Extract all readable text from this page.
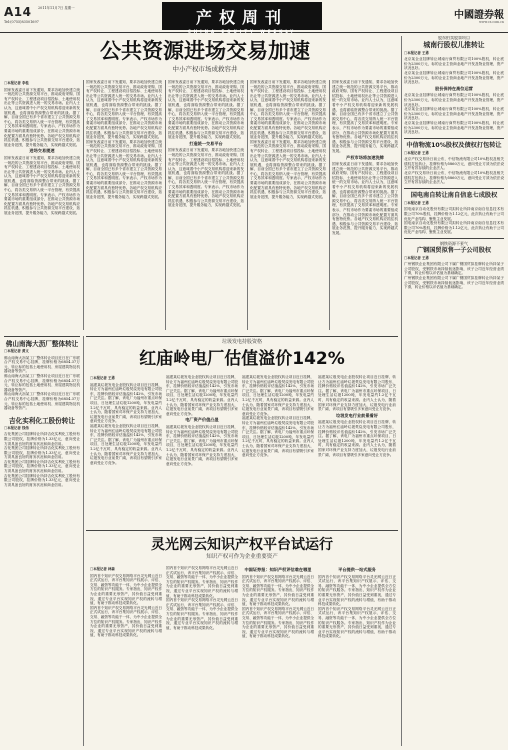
A14 2011年11月7日 星期一
Tel:(0755)83501697	产权周刊
CHINA EQUITY WEEKLY
中國證券報
www.cs.com.cn
公共资源进场交易加速
中小产权市场成救容井
□本报记者 李桂
国家发改委日前下发通知，要求各地加快建立统一规范的公共资源交易平台，推动政府采购、国有产权转让、工程建设项目招投标、土地使用权出让等公共资源进入统一的交易市场。业内人士认为，这意味着中小产权交易机构将迎来新的发展机遇，也将面临资源整合带来的挑战。据了解，目前全国已有多个省市建立了公共资源交易中心，将各类交易纳入统一平台管理，有效提高了交易效率和透明度。专家表示，产权市场作为要素市场的重要组成部分，在推动公共资源市场化配置方面具有独特优势。各地产权交易机构应抓住机遇，积极参与公共资源交易平台建设，拓展业务范围，提升服务能力，实现跨越式发展。
进场交易提速
国家发改委日前下发通知，要求各地加快建立统一规范的公共资源交易平台，推动政府采购、国有产权转让、工程建设项目招投标、土地使用权出让等公共资源进入统一的交易市场。业内人士认为，这意味着中小产权交易机构将迎来新的发展机遇，也将面临资源整合带来的挑战。据了解，目前全国已有多个省市建立了公共资源交易中心，将各类交易纳入统一平台管理，有效提高了交易效率和透明度。专家表示，产权市场作为要素市场的重要组成部分，在推动公共资源市场化配置方面具有独特优势。各地产权交易机构应抓住机遇，积极参与公共资源交易平台建设，拓展业务范围，提升服务能力，实现跨越式发展。
国家发改委日前下发通知，要求各地加快建立统一规范的公共资源交易平台，推动政府采购、国有产权转让、工程建设项目招投标、土地使用权出让等公共资源进入统一的交易市场。业内人士认为，这意味着中小产权交易机构将迎来新的发展机遇，也将面临资源整合带来的挑战。据了解，目前全国已有多个省市建立了公共资源交易中心，将各类交易纳入统一平台管理，有效提高了交易效率和透明度。专家表示，产权市场作为要素市场的重要组成部分，在推动公共资源市场化配置方面具有独特优势。各地产权交易机构应抓住机遇，积极参与公共资源交易平台建设，拓展业务范围，提升服务能力，实现跨越式发展。
国家发改委日前下发通知，要求各地加快建立统一规范的公共资源交易平台，推动政府采购、国有产权转让、工程建设项目招投标、土地使用权出让等公共资源进入统一的交易市场。业内人士认为，这意味着中小产权交易机构将迎来新的发展机遇，也将面临资源整合带来的挑战。据了解，目前全国已有多个省市建立了公共资源交易中心，将各类交易纳入统一平台管理，有效提高了交易效率和透明度。专家表示，产权市场作为要素市场的重要组成部分，在推动公共资源市场化配置方面具有独特优势。各地产权交易机构应抓住机遇，积极参与公共资源交易平台建设，拓展业务范围，提升服务能力，实现跨越式发展。
国家发改委日前下发通知，要求各地加快建立统一规范的公共资源交易平台，推动政府采购、国有产权转让、工程建设项目招投标、土地使用权出让等公共资源进入统一的交易市场。业内人士认为，这意味着中小产权交易机构将迎来新的发展机遇，也将面临资源整合带来的挑战。据了解，目前全国已有多个省市建立了公共资源交易中心，将各类交易纳入统一平台管理，有效提高了交易效率和透明度。专家表示，产权市场作为要素市场的重要组成部分，在推动公共资源市场化配置方面具有独特优势。各地产权交易机构应抓住机遇，积极参与公共资源交易平台建设，拓展业务范围，提升服务能力，实现跨越式发展。
打造统一交易平台
国家发改委日前下发通知，要求各地加快建立统一规范的公共资源交易平台，推动政府采购、国有产权转让、工程建设项目招投标、土地使用权出让等公共资源进入统一的交易市场。业内人士认为，这意味着中小产权交易机构将迎来新的发展机遇，也将面临资源整合带来的挑战。据了解，目前全国已有多个省市建立了公共资源交易中心，将各类交易纳入统一平台管理，有效提高了交易效率和透明度。专家表示，产权市场作为要素市场的重要组成部分，在推动公共资源市场化配置方面具有独特优势。各地产权交易机构应抓住机遇，积极参与公共资源交易平台建设，拓展业务范围，提升服务能力，实现跨越式发展。
国家发改委日前下发通知，要求各地加快建立统一规范的公共资源交易平台，推动政府采购、国有产权转让、工程建设项目招投标、土地使用权出让等公共资源进入统一的交易市场。业内人士认为，这意味着中小产权交易机构将迎来新的发展机遇，也将面临资源整合带来的挑战。据了解，目前全国已有多个省市建立了公共资源交易中心，将各类交易纳入统一平台管理，有效提高了交易效率和透明度。专家表示，产权市场作为要素市场的重要组成部分，在推动公共资源市场化配置方面具有独特优势。各地产权交易机构应抓住机遇，积极参与公共资源交易平台建设，拓展业务范围，提升服务能力，实现跨越式发展。
国家发改委日前下发通知，要求各地加快建立统一规范的公共资源交易平台，推动政府采购、国有产权转让、工程建设项目招投标、土地使用权出让等公共资源进入统一的交易市场。业内人士认为，这意味着中小产权交易机构将迎来新的发展机遇，也将面临资源整合带来的挑战。据了解，目前全国已有多个省市建立了公共资源交易中心，将各类交易纳入统一平台管理，有效提高了交易效率和透明度。专家表示，产权市场作为要素市场的重要组成部分，在推动公共资源市场化配置方面具有独特优势。各地产权交易机构应抓住机遇，积极参与公共资源交易平台建设，拓展业务范围，提升服务能力，实现跨越式发展。
国家发改委日前下发通知，要求各地加快建立统一规范的公共资源交易平台，推动政府采购、国有产权转让、工程建设项目招投标、土地使用权出让等公共资源进入统一的交易市场。业内人士认为，这意味着中小产权交易机构将迎来新的发展机遇，也将面临资源整合带来的挑战。据了解，目前全国已有多个省市建立了公共资源交易中心，将各类交易纳入统一平台管理，有效提高了交易效率和透明度。专家表示，产权市场作为要素市场的重要组成部分，在推动公共资源市场化配置方面具有独特优势。各地产权交易机构应抓住机遇，积极参与公共资源交易平台建设，拓展业务范围，提升服务能力，实现跨越式发展。
产权市场将加速洗牌
国家发改委日前下发通知，要求各地加快建立统一规范的公共资源交易平台，推动政府采购、国有产权转让、工程建设项目招投标、土地使用权出让等公共资源进入统一的交易市场。业内人士认为，这意味着中小产权交易机构将迎来新的发展机遇，也将面临资源整合带来的挑战。据了解，目前全国已有多个省市建立了公共资源交易中心，将各类交易纳入统一平台管理，有效提高了交易效率和透明度。专家表示，产权市场作为要素市场的重要组成部分，在推动公共资源市场化配置方面具有独特优势。各地产权交易机构应抓住机遇，积极参与公共资源交易平台建设，拓展业务范围，提升服务能力，实现跨越式发展。
佛山南海大沥厂整体转让
□本报记者 黄文
佛山南海大沥某工厂整体转让项目近日在广东联合产权交易中心挂牌，挂牌价格为6854.37万元，转让标的包括土地使用权、房屋建筑物及机器设备等资产。
佛山南海大沥某工厂整体转让项目近日在广东联合产权交易中心挂牌，挂牌价格为6854.37万元，转让标的包括土地使用权、房屋建筑物及机器设备等资产。
佛山南海大沥某工厂整体转让项目近日在广东联合产权交易中心挂牌，挂牌价格为6854.37万元，转让标的包括土地使用权、房屋建筑物及机器设备等资产。
吉化实利化工股份转让
□本报记者 钱伟
吉化集团公司挂牌转让所持吉化实利化工股份有限公司股权，挂牌价格为1.33亿元，意向受让方须具备良好的财务状况和商业信用。
吉化集团公司挂牌转让所持吉化实利化工股份有限公司股权，挂牌价格为1.33亿元，意向受让方须具备良好的财务状况和商业信用。
吉化集团公司挂牌转让所持吉化实利化工股份有限公司股权，挂牌价格为1.33亿元，意向受让方须具备良好的财务状况和商业信用。
吉化集团公司挂牌转让所持吉化实利化工股份有限公司股权，挂牌价格为1.33亿元，意向受让方须具备良好的财务状况和商业信用。
垃圾发电持股资格
红庙岭电厂估值溢价142%
□本报记者 王勇
福建某垃圾发电企业股权转让项目近日挂牌，转让方为福州红庙岭垃圾焚烧发电有限公司股东，挂牌价格较评估值溢价142%，引发市场广泛关注。据了解，该电厂为福州市重点环保项目，日处理生活垃圾1200吨，年发电量约1.2亿千瓦时，具有稳定的收益来源。业内人士认为，随着国家对环保产业支持力度加大，垃圾发电行业前景广阔，该项目有望吸引多家意向受让方竞争。
福建某垃圾发电企业股权转让项目近日挂牌，转让方为福州红庙岭垃圾焚烧发电有限公司股东，挂牌价格较评估值溢价142%，引发市场广泛关注。据了解，该电厂为福州市重点环保项目，日处理生活垃圾1200吨，年发电量约1.2亿千瓦时，具有稳定的收益来源。业内人士认为，随着国家对环保产业支持力度加大，垃圾发电行业前景广阔，该项目有望吸引多家意向受让方竞争。
福建某垃圾发电企业股权转让项目近日挂牌，转让方为福州红庙岭垃圾焚烧发电有限公司股东，挂牌价格较评估值溢价142%，引发市场广泛关注。据了解，该电厂为福州市重点环保项目，日处理生活垃圾1200吨，年发电量约1.2亿千瓦时，具有稳定的收益来源。业内人士认为，随着国家对环保产业支持力度加大，垃圾发电行业前景广阔，该项目有望吸引多家意向受让方竞争。
电厂资产价值凸显
福建某垃圾发电企业股权转让项目近日挂牌，转让方为福州红庙岭垃圾焚烧发电有限公司股东，挂牌价格较评估值溢价142%，引发市场广泛关注。据了解，该电厂为福州市重点环保项目，日处理生活垃圾1200吨，年发电量约1.2亿千瓦时，具有稳定的收益来源。业内人士认为，随着国家对环保产业支持力度加大，垃圾发电行业前景广阔，该项目有望吸引多家意向受让方竞争。
福建某垃圾发电企业股权转让项目近日挂牌，转让方为福州红庙岭垃圾焚烧发电有限公司股东，挂牌价格较评估值溢价142%，引发市场广泛关注。据了解，该电厂为福州市重点环保项目，日处理生活垃圾1200吨，年发电量约1.2亿千瓦时，具有稳定的收益来源。业内人士认为，随着国家对环保产业支持力度加大，垃圾发电行业前景广阔，该项目有望吸引多家意向受让方竞争。
福建某垃圾发电企业股权转让项目近日挂牌，转让方为福州红庙岭垃圾焚烧发电有限公司股东，挂牌价格较评估值溢价142%，引发市场广泛关注。据了解，该电厂为福州市重点环保项目，日处理生活垃圾1200吨，年发电量约1.2亿千瓦时，具有稳定的收益来源。业内人士认为，随着国家对环保产业支持力度加大，垃圾发电行业前景广阔，该项目有望吸引多家意向受让方竞争。
福建某垃圾发电企业股权转让项目近日挂牌，转让方为福州红庙岭垃圾焚烧发电有限公司股东，挂牌价格较评估值溢价142%，引发市场广泛关注。据了解，该电厂为福州市重点环保项目，日处理生活垃圾1200吨，年发电量约1.2亿千瓦时，具有稳定的收益来源。业内人士认为，随着国家对环保产业支持力度加大，垃圾发电行业前景广阔，该项目有望吸引多家意向受让方竞争。
垃圾发电行业前景看好
福建某垃圾发电企业股权转让项目近日挂牌，转让方为福州红庙岭垃圾焚烧发电有限公司股东，挂牌价格较评估值溢价142%，引发市场广泛关注。据了解，该电厂为福州市重点环保项目，日处理生活垃圾1200吨，年发电量约1.2亿千瓦时，具有稳定的收益来源。业内人士认为，随着国家对环保产业支持力度加大，垃圾发电行业前景广阔，该项目有望吸引多家意向受让方竞争。
灵光网云知识产权平台试运行
知识产权可作为企业重要资产
□本报记者 林森
国内首个知识产权交易网络平台灵光网云近日正式试运行，该平台集知识产权展示、评估、交易、融资等功能于一体，为中小企业提供全方位的知识产权服务。专家指出，知识产权作为企业的重要无形资产，其价值日益受到重视，通过专业平台实现知识产权的流转与增值，有助于推动科技成果转化。
国内首个知识产权交易网络平台灵光网云近日正式试运行，该平台集知识产权展示、评估、交易、融资等功能于一体，为中小企业提供全方位的知识产权服务。专家指出，知识产权作为企业的重要无形资产，其价值日益受到重视，通过专业平台实现知识产权的流转与增值，有助于推动科技成果转化。
国内首个知识产权交易网络平台灵光网云近日正式试运行，该平台集知识产权展示、评估、交易、融资等功能于一体，为中小企业提供全方位的知识产权服务。专家指出，知识产权作为企业的重要无形资产，其价值日益受到重视，通过专业平台实现知识产权的流转与增值，有助于推动科技成果转化。
国内首个知识产权交易网络平台灵光网云近日正式试运行，该平台集知识产权展示、评估、交易、融资等功能于一体，为中小企业提供全方位的知识产权服务。专家指出，知识产权作为企业的重要无形资产，其价值日益受到重视，通过专业平台实现知识产权的流转与增值，有助于推动科技成果转化。
中国证券报：知识产权评估难在哪里
国内首个知识产权交易网络平台灵光网云近日正式试运行，该平台集知识产权展示、评估、交易、融资等功能于一体，为中小企业提供全方位的知识产权服务。专家指出，知识产权作为企业的重要无形资产，其价值日益受到重视，通过专业平台实现知识产权的流转与增值，有助于推动科技成果转化。
国内首个知识产权交易网络平台灵光网云近日正式试运行，该平台集知识产权展示、评估、交易、融资等功能于一体，为中小企业提供全方位的知识产权服务。专家指出，知识产权作为企业的重要无形资产，其价值日益受到重视，通过专业平台实现知识产权的流转与增值，有助于推动科技成果转化。
平台提供一站式服务
国内首个知识产权交易网络平台灵光网云近日正式试运行，该平台集知识产权展示、评估、交易、融资等功能于一体，为中小企业提供全方位的知识产权服务。专家指出，知识产权作为企业的重要无形资产，其价值日益受到重视，通过专业平台实现知识产权的流转与增值，有助于推动科技成果转化。
国内首个知识产权交易网络平台灵光网云近日正式试运行，该平台集知识产权展示、评估、交易、融资等功能于一体，为中小企业提供全方位的知识产权服务。专家指出，知识产权作为企业的重要无形资产，其价值日益受到重视，通过专业平台实现知识产权的流转与增值，有助于推动科技成果转化。
股东拍卖股票项目
城南行股权儿推转让
□本报记者 王勇
北京某企业挂牌转让城南行商贸有限公司100%股权，转让底价为2300万元，标的企业主营商业地产开发及物业管理，资产状况良好。
北京某企业挂牌转让城南行商贸有限公司100%股权，转让底价为2300万元，标的企业主营商业地产开发及物业管理，资产状况良好。
股份保持在高位运营
北京某企业挂牌转让城南行商贸有限公司100%股权，转让底价为2300万元，标的企业主营商业地产开发及物业管理，资产状况良好。
北京某企业挂牌转让城南行商贸有限公司100%股权，转让底价为2300万元，标的企业主营商业地产开发及物业管理，资产状况良好。
北京某企业挂牌转让城南行商贸有限公司100%股权，转让底价为2300万元，标的企业主营商业地产开发及物业管理，资产状况良好。
中信物流10%股权及债权打包转让
□本报记者 王勇
北京产权交易所日前公布，中信物流有限公司10%股权及相关债权打包转让，挂牌价格为5860万元，意向受让方须为依法设立并有效存续的企业法人。
北京产权交易所日前公布，中信物流有限公司10%股权及相关债权打包转让，挂牌价格为5860万元，意向受让方须为依法设立并有效存续的企业法人。
国电南自转让南自信息七成股权
□本报记者 王勇
国电南京自动化股份有限公司拟转让所持南京南自信息技术有限公司70%股权，挂牌价格为1.12亿元，此次转让有助于公司优化产业结构、聚焦主业发展。
国电南京自动化股份有限公司拟转让所持南京南自信息技术有限公司70%股权，挂牌价格为1.12亿元，此次转让有助于公司优化产业结构、聚焦主业发展。
钢铁资源不景气
广钢国贸拟售一子公司股权
□本报记者 王勇
广州钢铁企业集团有限公司下属广钢国贸拟挂牌转让所持某子公司股权，受钢铁市场持续低迷影响，该子公司近年经营业绩下滑，转让价格以评估值为基础确定。
广州钢铁企业集团有限公司下属广钢国贸拟挂牌转让所持某子公司股权，受钢铁市场持续低迷影响，该子公司近年经营业绩下滑，转让价格以评估值为基础确定。
